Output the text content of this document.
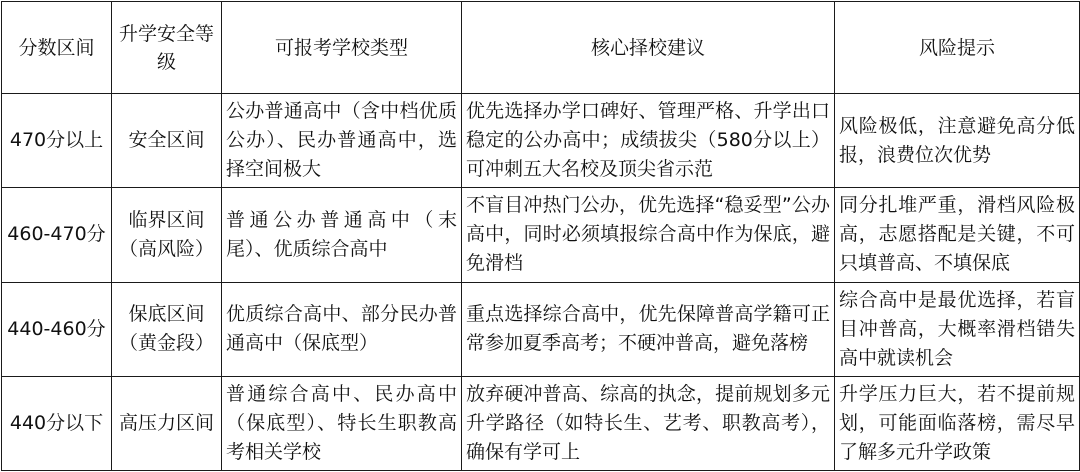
分数区间	升学安全等级	可报考学校类型	核心择校建议	风险提示
470分以上	安全区间	公办普通高中（含中档优质公办）、民办普通高中，选择空间极大	优先选择办学口碑好、管理严格、升学出口稳定的公办高中；成绩拔尖（580分以上）可冲刺五大名校及顶尖省示范	风险极低，注意避免高分低报，浪费位次优势
460-470分	临界区间（高风险）	普通公办普通高中（末尾）、优质综合高中	不盲目冲热门公办，优先选择“稳妥型”公办高中，同时必须填报综合高中作为保底，避免滑档	同分扎堆严重，滑档风险极高，志愿搭配是关键，不可只填普高、不填保底
440-460分	保底区间（黄金段）	优质综合高中、部分民办普通高中（保底型）	重点选择综合高中，优先保障普高学籍可正常参加夏季高考；不硬冲普高，避免落榜	综合高中是最优选择，若盲目冲普高，大概率滑档错失高中就读机会
440分以下	高压力区间	普通综合高中、民办高中（保底型）、特长生职教高考相关学校	放弃硬冲普高、综高的执念，提前规划多元升学路径（如特长生、艺考、职教高考），确保有学可上	升学压力巨大，若不提前规划，可能面临落榜，需尽早了解多元升学政策
